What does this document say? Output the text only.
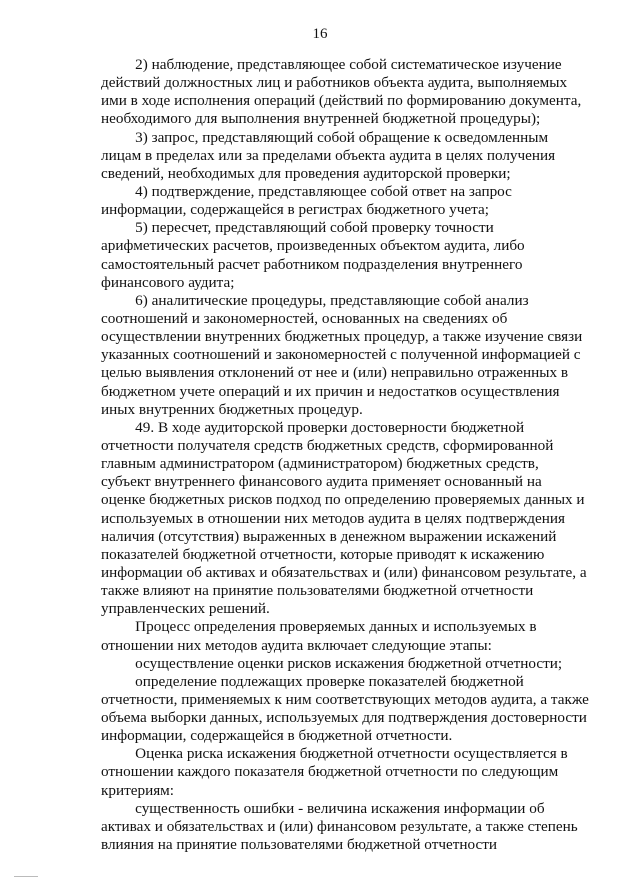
16
2) наблюдение, представляющее собой систематическое изучение
действий должностных лиц и работников объекта аудита, выполняемых
ими в ходе исполнения операций (действий по формированию документа,
необходимого для выполнения внутренней бюджетной процедуры);
3) запрос, представляющий собой обращение к осведомленным
лицам в пределах или за пределами объекта аудита в целях получения
сведений, необходимых для проведения аудиторской проверки;
4) подтверждение, представляющее собой ответ на запрос
информации, содержащейся в регистрах бюджетного учета;
5) пересчет, представляющий собой проверку точности
арифметических расчетов, произведенных объектом аудита, либо
самостоятельный расчет работником подразделения внутреннего
финансового аудита;
6) аналитические процедуры, представляющие собой анализ
соотношений и закономерностей, основанных на сведениях об
осуществлении внутренних бюджетных процедур, а также изучение связи
указанных соотношений и закономерностей с полученной информацией с
целью выявления отклонений от нее и (или) неправильно отраженных в
бюджетном учете операций и их причин и недостатков осуществления
иных внутренних бюджетных процедур.
49. В ходе аудиторской проверки достоверности бюджетной
отчетности получателя средств бюджетных средств, сформированной
главным администратором (администратором) бюджетных средств,
субъект внутреннего финансового аудита применяет основанный на
оценке бюджетных рисков подход по определению проверяемых данных и
используемых в отношении них методов аудита в целях подтверждения
наличия (отсутствия) выраженных в денежном выражении искажений
показателей бюджетной отчетности, которые приводят к искажению
информации об активах и обязательствах и (или) финансовом результате, а
также влияют на принятие пользователями бюджетной отчетности
управленческих решений.
Процесс определения проверяемых данных и используемых в
отношении них методов аудита включает следующие этапы:
осуществление оценки рисков искажения бюджетной отчетности;
определение подлежащих проверке показателей бюджетной
отчетности, применяемых к ним соответствующих методов аудита, а также
объема выборки данных, используемых для подтверждения достоверности
информации, содержащейся в бюджетной отчетности.
Оценка риска искажения бюджетной отчетности осуществляется в
отношении каждого показателя бюджетной отчетности по следующим
критериям:
существенность ошибки - величина искажения информации об
активах и обязательствах и (или) финансовом результате, а также степень
влияния на принятие пользователями бюджетной отчетности
